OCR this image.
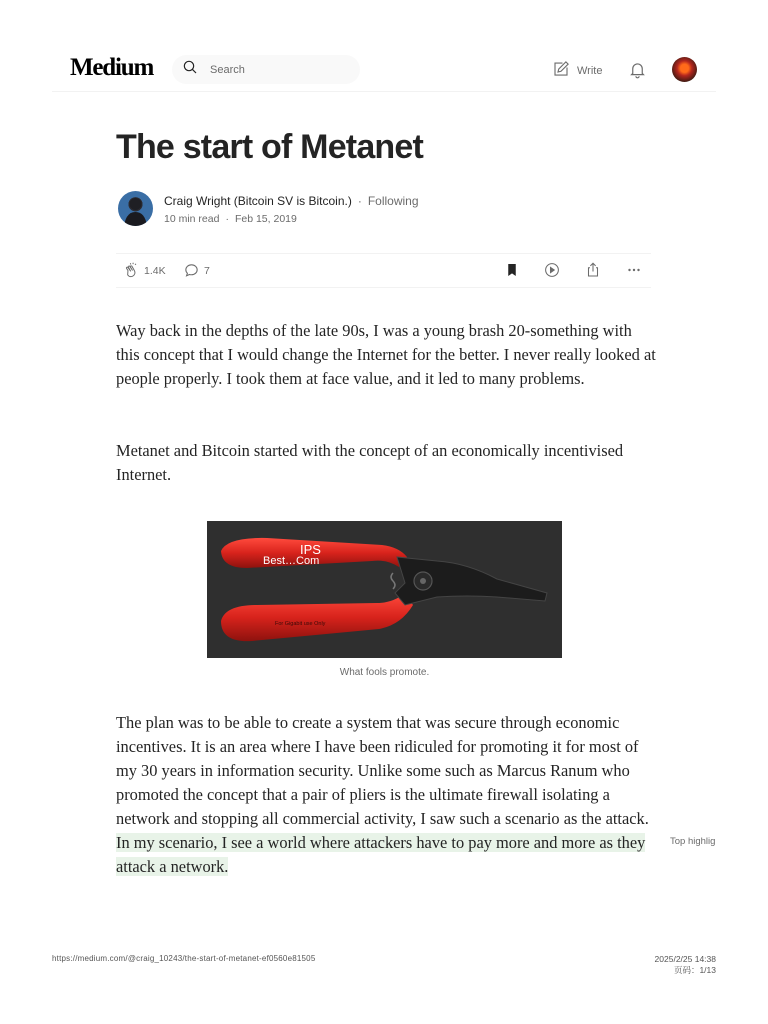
Medium
Search	Write
The start of Metanet
Craig Wright (Bitcoin SV is Bitcoin.) · Following
10 min read · Feb 15, 2019
1.4K	7

Way back in the depths of the late 90s, I was a young brash 20-something with this concept that I would change the Internet for the better. I never really looked at people properly. I took them at face value, and it led to many problems.

Metanet and Bitcoin started with the concept of an economically incentivised Internet.

IPS
Best…Com
For Gigabit use Only
What fools promote.

The plan was to be able to create a system that was secure through economic incentives. It is an area where I have been ridiculed for promoting it for most of my 30 years in information security. Unlike some such as Marcus Ranum who promoted the concept that a pair of pliers is the ultimate firewall isolating a network and stopping all commercial activity, I saw such a scenario as the attack. In my scenario, I see a world where attackers have to pay more and more as they attack a network.

Top highlig
https://medium.com/@craig_10243/the-start-of-metanet-ef0560e81505	2025/2/25 14:38
页码：1/13
